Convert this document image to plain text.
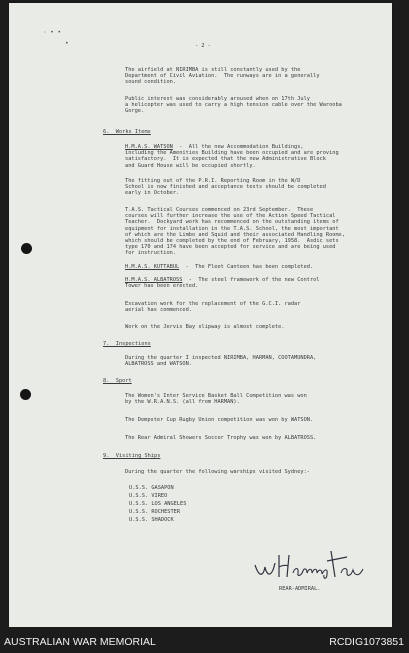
· • •
•	- 2 -

The airfield at NIRIMBA is still constantly used by the
Department of Civil Aviation.  The runways are in a generally
sound condition.

Public interest was considerably aroused when on 17th July
a helicopter was used to carry a high tension cable over the Warooba
Gorge.

6.  Works Items

H.M.A.S. WATSON  -  All the new Accommodation Buildings,
including the Amenities Building have been occupied and are proving
satisfactory.  It is expected that the new Administrative Block
and Guard House will be occupied shortly.

The fitting out of the P.R.I. Reporting Room in the W/D
School is now finished and acceptance tests should be completed
early in October.

T.A.S. Tactical Courses commenced on 23rd September.  These
courses will further increase the use of the Action Speed Tactical
Teacher.  Dockyard work has recommenced on the outstanding items of
equipment for installation in the T.A.S. School, the most important
of which are the Limbo and Squid and their associated Handling Rooms,
which should be completed by the end of February, 1958.  Asdic sets
type 170 and 174 have been accepted for service and are being used
for instruction.

H.M.A.S. KUTTABUL  -  The Fleet Canteen has been completed.

H.M.A.S. ALBATROSS  -  The steel framework of the new Control
Tower has been erected.

Excavation work for the replacement of the G.C.I. radar
aerial has commenced.

Work on the Jervis Bay slipway is almost complete.

7.  Inspections

During the quarter I inspected NIRIMBA, HARMAN, COOTAMUNDRA,
ALBATROSS and WATSON.

8.  Sport

The Women's Inter Service Basket Ball Competition was won
by the W.R.A.N.S. (all from HARMAN).

The Dempster Cup Rugby Union competition was won by WATSON.

The Rear Admiral Showers Soccer Trophy was won by ALBATROSS.

9.  Visiting Ships

During the quarter the following warships visited Sydney:-

U.S.S. GASAPON

U.S.S. VIREO

U.S.S. LOS ANGELES

U.S.S. ROCHESTER

U.S.S. SHADOCK

REAR-ADMIRAL.

AUSTRALIAN WAR MEMORIAL	RCDIG1073851
